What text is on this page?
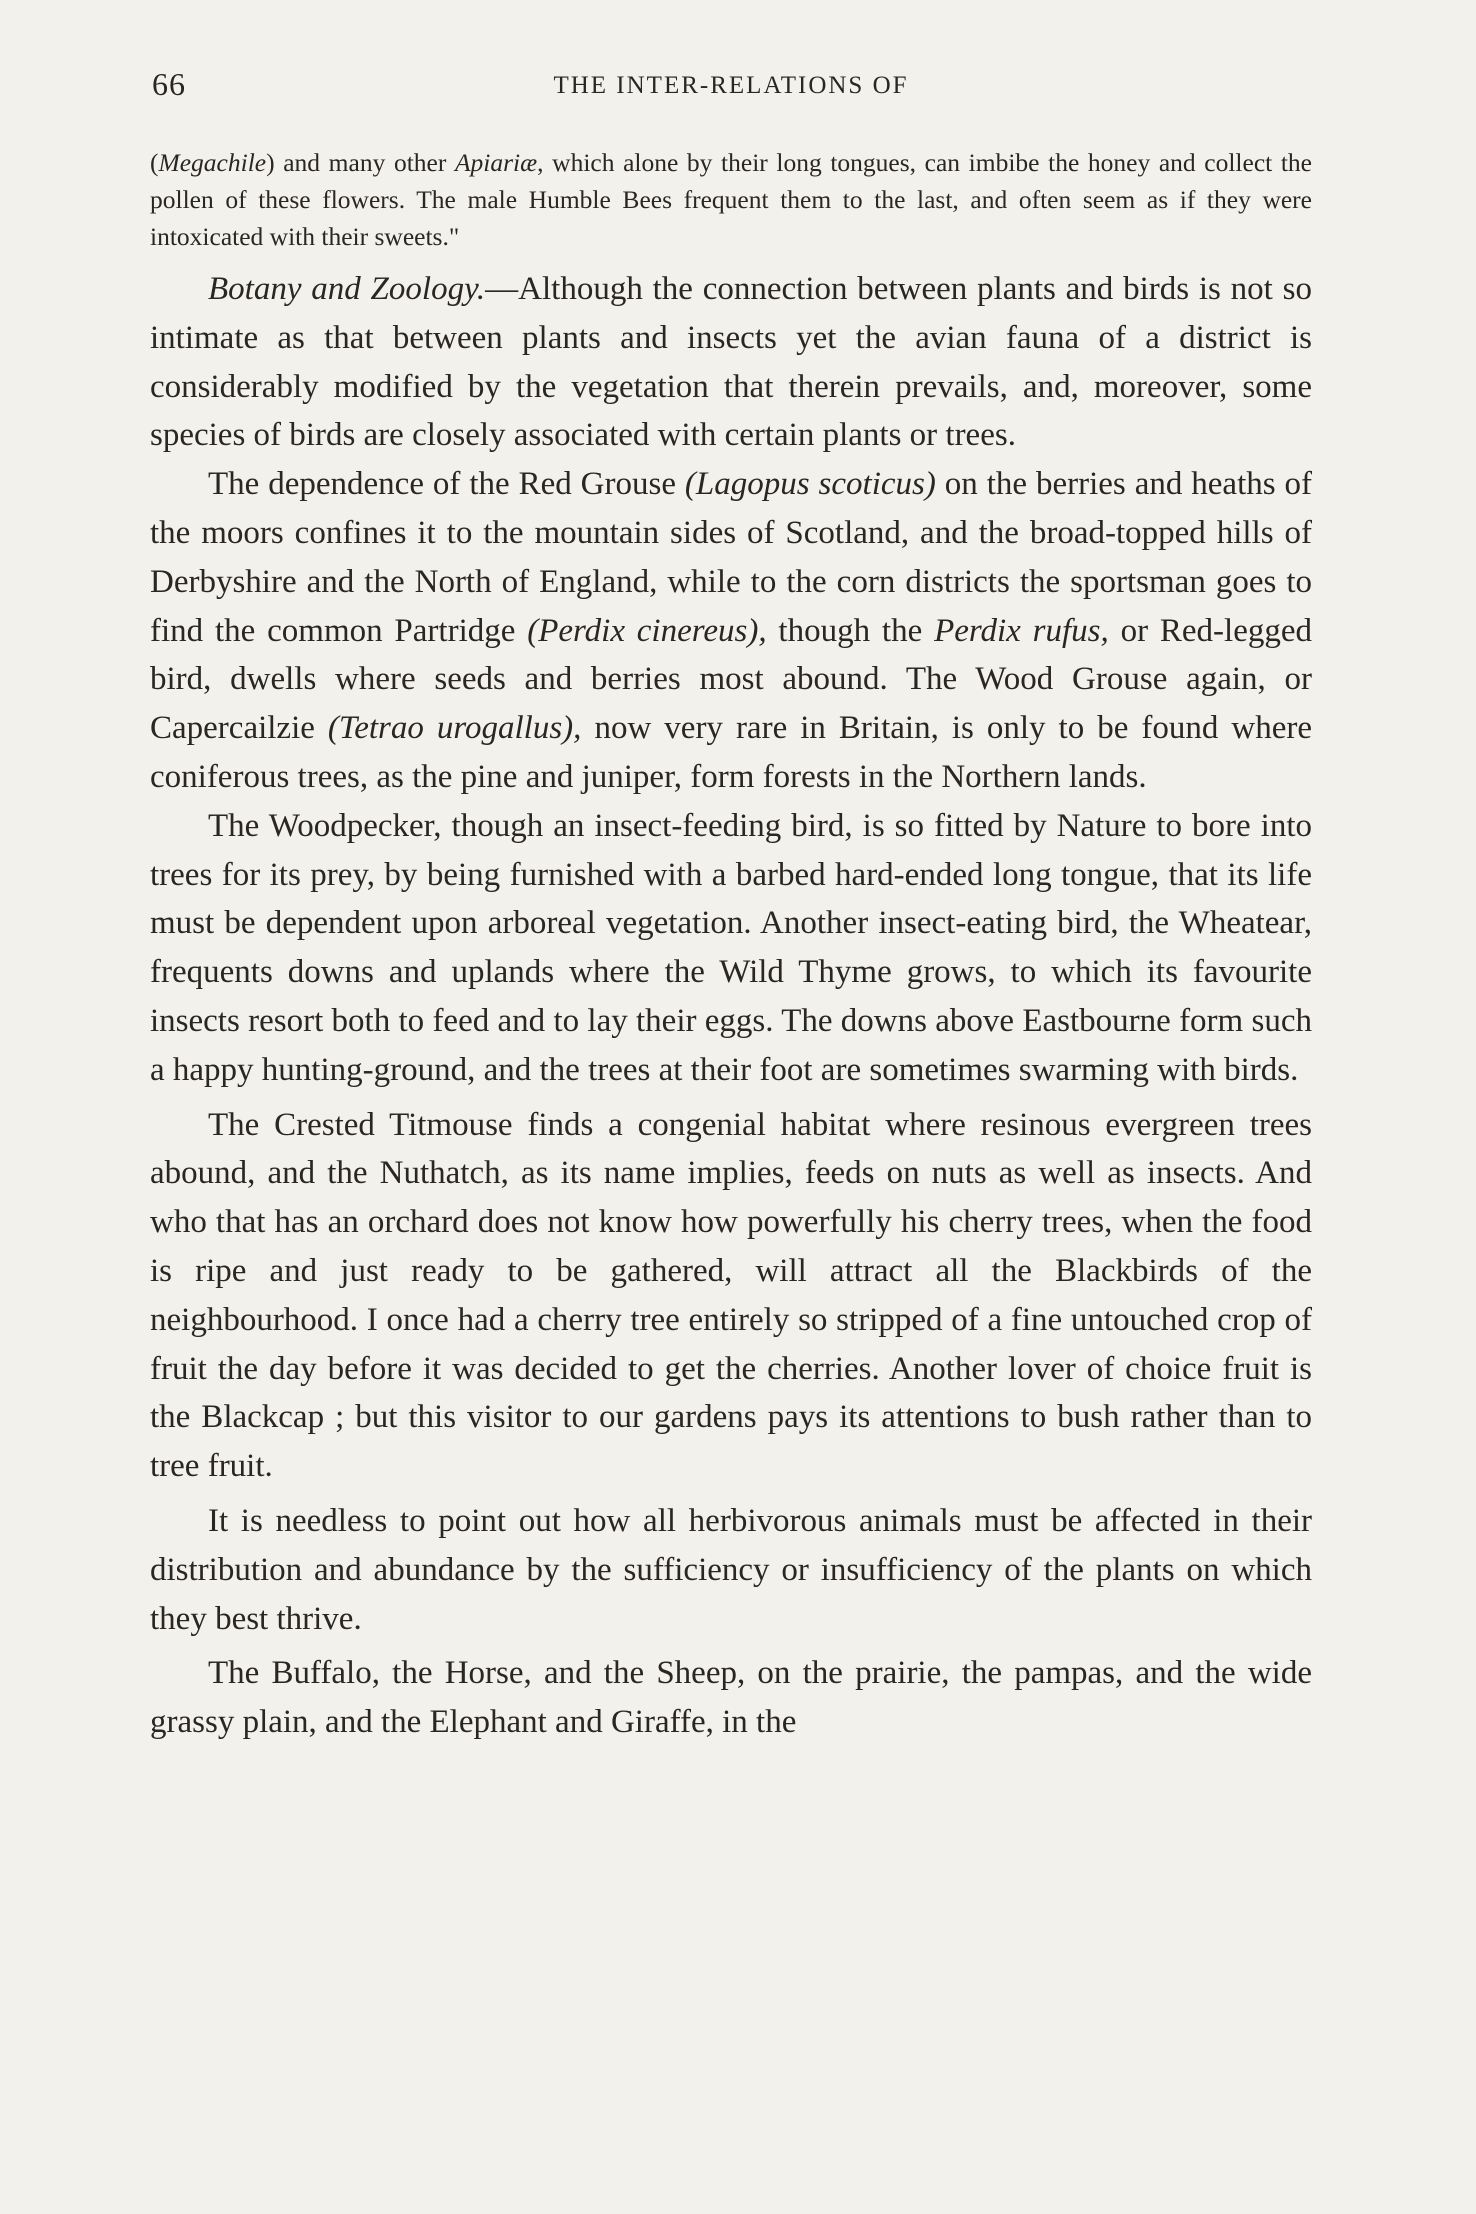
66	THE INTER-RELATIONS OF

(Megachile) and many other Apiariæ, which alone by their long tongues, can imbibe the honey and collect the pollen of these flowers. The male Humble Bees frequent them to the last, and often seem as if they were intoxicated with their sweets."

Botany and Zoology.—Although the connection between plants and birds is not so intimate as that between plants and insects yet the avian fauna of a district is considerably modified by the vegetation that therein prevails, and, moreover, some species of birds are closely associated with certain plants or trees.

The dependence of the Red Grouse (Lagopus scoticus) on the berries and heaths of the moors confines it to the mountain sides of Scotland, and the broad-topped hills of Derbyshire and the North of England, while to the corn districts the sportsman goes to find the common Partridge (Perdix cinereus), though the Perdix rufus, or Red-legged bird, dwells where seeds and berries most abound. The Wood Grouse again, or Capercailzie (Tetrao urogallus), now very rare in Britain, is only to be found where coniferous trees, as the pine and juniper, form forests in the Northern lands.

The Woodpecker, though an insect-feeding bird, is so fitted by Nature to bore into trees for its prey, by being furnished with a barbed hard-ended long tongue, that its life must be dependent upon arboreal vegetation. Another insect-eating bird, the Wheatear, frequents downs and uplands where the Wild Thyme grows, to which its favourite insects resort both to feed and to lay their eggs. The downs above Eastbourne form such a happy hunting-ground, and the trees at their foot are sometimes swarming with birds.

The Crested Titmouse finds a congenial habitat where resinous evergreen trees abound, and the Nuthatch, as its name implies, feeds on nuts as well as insects. And who that has an orchard does not know how powerfully his cherry trees, when the food is ripe and just ready to be gathered, will attract all the Blackbirds of the neighbourhood. I once had a cherry tree entirely so stripped of a fine untouched crop of fruit the day before it was decided to get the cherries. Another lover of choice fruit is the Blackcap ; but this visitor to our gardens pays its attentions to bush rather than to tree fruit.

It is needless to point out how all herbivorous animals must be affected in their distribution and abundance by the sufficiency or insufficiency of the plants on which they best thrive.

The Buffalo, the Horse, and the Sheep, on the prairie, the pampas, and the wide grassy plain, and the Elephant and Giraffe, in the
